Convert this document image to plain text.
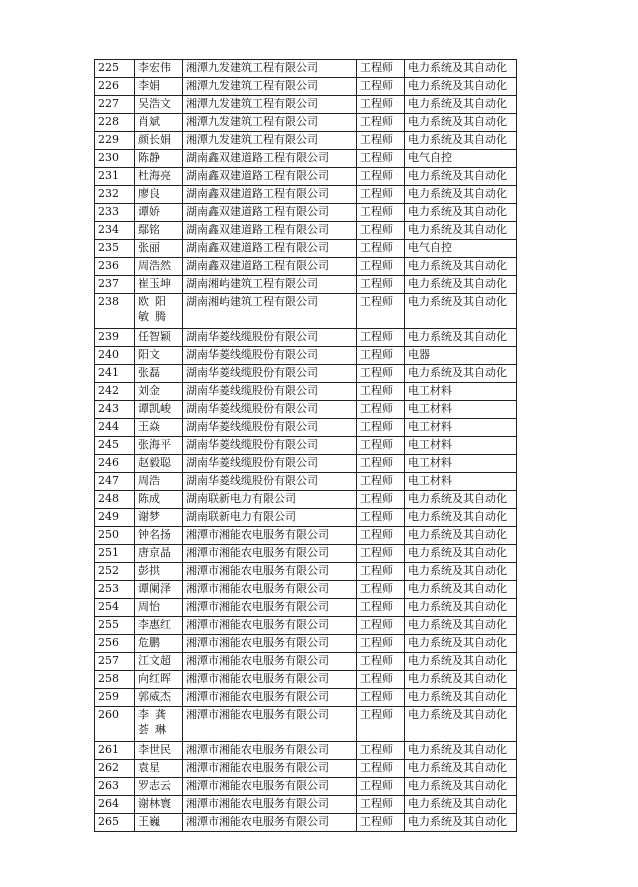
225	李宏伟	湘潭九发建筑工程有限公司	工程师	电力系统及其自动化
226	李娟	湘潭九发建筑工程有限公司	工程师	电力系统及其自动化
227	吴浩文	湘潭九发建筑工程有限公司	工程师	电力系统及其自动化
228	肖斌	湘潭九发建筑工程有限公司	工程师	电力系统及其自动化
229	颜长娟	湘潭九发建筑工程有限公司	工程师	电力系统及其自动化
230	陈静	湖南鑫双建道路工程有限公司	工程师	电气自控
231	杜海亮	湖南鑫双建道路工程有限公司	工程师	电力系统及其自动化
232	廖良	湖南鑫双建道路工程有限公司	工程师	电力系统及其自动化
233	谭娇	湖南鑫双建道路工程有限公司	工程师	电力系统及其自动化
234	鄢铭	湖南鑫双建道路工程有限公司	工程师	电力系统及其自动化
235	张丽	湖南鑫双建道路工程有限公司	工程师	电气自控
236	周浩然	湖南鑫双建道路工程有限公司	工程师	电力系统及其自动化
237	崔玉坤	湖南湘屿建筑工程有限公司	工程师	电力系统及其自动化
238	欧阳敏腾	湖南湘屿建筑工程有限公司	工程师	电力系统及其自动化
239	任智颖	湖南华菱线缆股份有限公司	工程师	电力系统及其自动化
240	阳文	湖南华菱线缆股份有限公司	工程师	电器
241	张磊	湖南华菱线缆股份有限公司	工程师	电力系统及其自动化
242	刘金	湖南华菱线缆股份有限公司	工程师	电工材料
243	谭凯峻	湖南华菱线缆股份有限公司	工程师	电工材料
244	王焱	湖南华菱线缆股份有限公司	工程师	电工材料
245	张海平	湖南华菱线缆股份有限公司	工程师	电工材料
246	赵毅聪	湖南华菱线缆股份有限公司	工程师	电工材料
247	周浩	湖南华菱线缆股份有限公司	工程师	电工材料
248	陈成	湖南联新电力有限公司	工程师	电力系统及其自动化
249	谢梦	湖南联新电力有限公司	工程师	电力系统及其自动化
250	钟名扬	湘潭市湘能农电服务有限公司	工程师	电力系统及其自动化
251	唐京晶	湘潭市湘能农电服务有限公司	工程师	电力系统及其自动化
252	彭拱	湘潭市湘能农电服务有限公司	工程师	电力系统及其自动化
253	谭阑泽	湘潭市湘能农电服务有限公司	工程师	电力系统及其自动化
254	周怡	湘潭市湘能农电服务有限公司	工程师	电力系统及其自动化
255	李惠红	湘潭市湘能农电服务有限公司	工程师	电力系统及其自动化
256	危鹏	湘潭市湘能农电服务有限公司	工程师	电力系统及其自动化
257	江文超	湘潭市湘能农电服务有限公司	工程师	电力系统及其自动化
258	向红晖	湘潭市湘能农电服务有限公司	工程师	电力系统及其自动化
259	郭威杰	湘潭市湘能农电服务有限公司	工程师	电力系统及其自动化
260	李龚荟琳	湘潭市湘能农电服务有限公司	工程师	电力系统及其自动化
261	李世民	湘潭市湘能农电服务有限公司	工程师	电力系统及其自动化
262	袁星	湘潭市湘能农电服务有限公司	工程师	电力系统及其自动化
263	罗志云	湘潭市湘能农电服务有限公司	工程师	电力系统及其自动化
264	谢林寰	湘潭市湘能农电服务有限公司	工程师	电力系统及其自动化
265	王巍	湘潭市湘能农电服务有限公司	工程师	电力系统及其自动化
